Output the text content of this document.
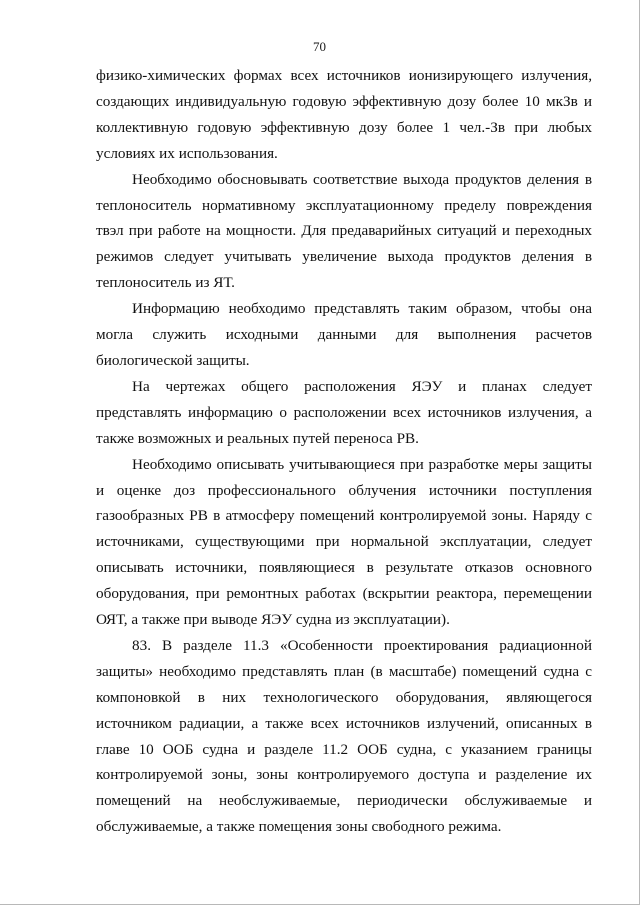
70

физико-химических формах всех источников ионизирующего излучения, создающих индивидуальную годовую эффективную дозу более 10 мкЗв и коллективную годовую эффективную дозу более 1 чел.-Зв при любых условиях их использования.

Необходимо обосновывать соответствие выхода продуктов деления в теплоноситель нормативному эксплуатационному пределу повреждения твэл при работе на мощности. Для предаварийных ситуаций и переходных режимов следует учитывать увеличение выхода продуктов деления в теплоноситель из ЯТ.

Информацию необходимо представлять таким образом, чтобы она могла служить исходными данными для выполнения расчетов биологической защиты.

На чертежах общего расположения ЯЭУ и планах следует представлять информацию о расположении всех источников излучения, а также возможных и реальных путей переноса РВ.

Необходимо описывать учитывающиеся при разработке меры защиты и оценке доз профессионального облучения источники поступления газообразных РВ в атмосферу помещений контролируемой зоны. Наряду с источниками, существующими при нормальной эксплуатации, следует описывать источники, появляющиеся в результате отказов основного оборудования, при ремонтных работах (вскрытии реактора, перемещении ОЯТ, а также при выводе ЯЭУ судна из эксплуатации).

83. В разделе 11.3 «Особенности проектирования радиационной защиты» необходимо представлять план (в масштабе) помещений судна с компоновкой в них технологического оборудования, являющегося источником радиации, а также всех источников излучений, описанных в главе 10 ООБ судна и разделе 11.2 ООБ судна, с указанием границы контролируемой зоны, зоны контролируемого доступа и разделение их помещений на необслуживаемые, периодически обслуживаемые и обслуживаемые, а также помещения зоны свободного режима.
